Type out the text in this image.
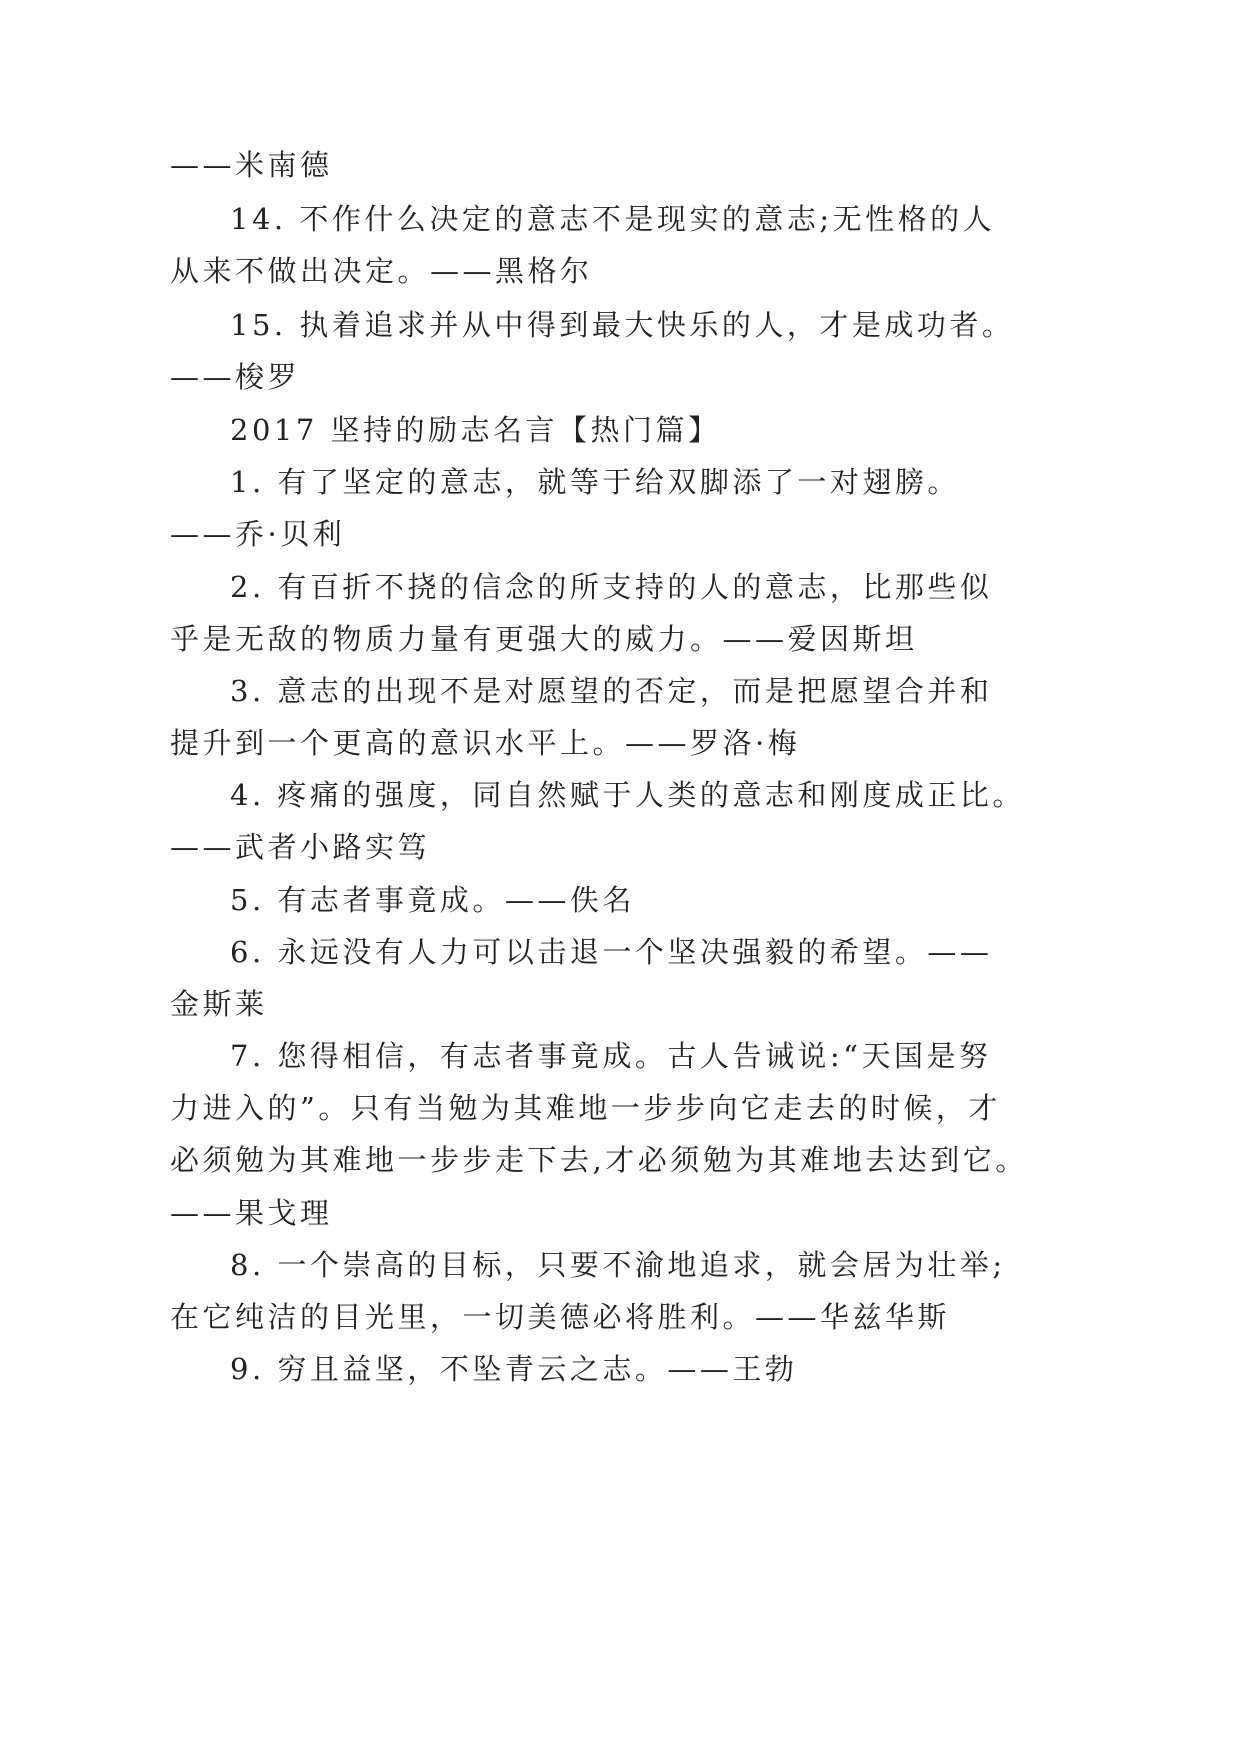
——米南德
14. 不作什么决定的意志不是现实的意志;无性格的人
从来不做出决定。——黑格尔
15. 执着追求并从中得到最大快乐的人，才是成功者。
——梭罗
2017 坚持的励志名言【热门篇】
1. 有了坚定的意志，就等于给双脚添了一对翅膀。
——乔·贝利
2. 有百折不挠的信念的所支持的人的意志，比那些似
乎是无敌的物质力量有更强大的威力。——爱因斯坦
3. 意志的出现不是对愿望的否定，而是把愿望合并和
提升到一个更高的意识水平上。——罗洛·梅
4. 疼痛的强度，同自然赋于人类的意志和刚度成正比。
——武者小路实笃
5. 有志者事竟成。——佚名
6. 永远没有人力可以击退一个坚决强毅的希望。——
金斯莱
7. 您得相信，有志者事竟成。古人告诫说:“天国是努
力进入的”。只有当勉为其难地一步步向它走去的时候，才
必须勉为其难地一步步走下去,才必须勉为其难地去达到它。
——果戈理
8. 一个崇高的目标，只要不渝地追求，就会居为壮举;
在它纯洁的目光里，一切美德必将胜利。——华兹华斯
9. 穷且益坚，不坠青云之志。——王勃
